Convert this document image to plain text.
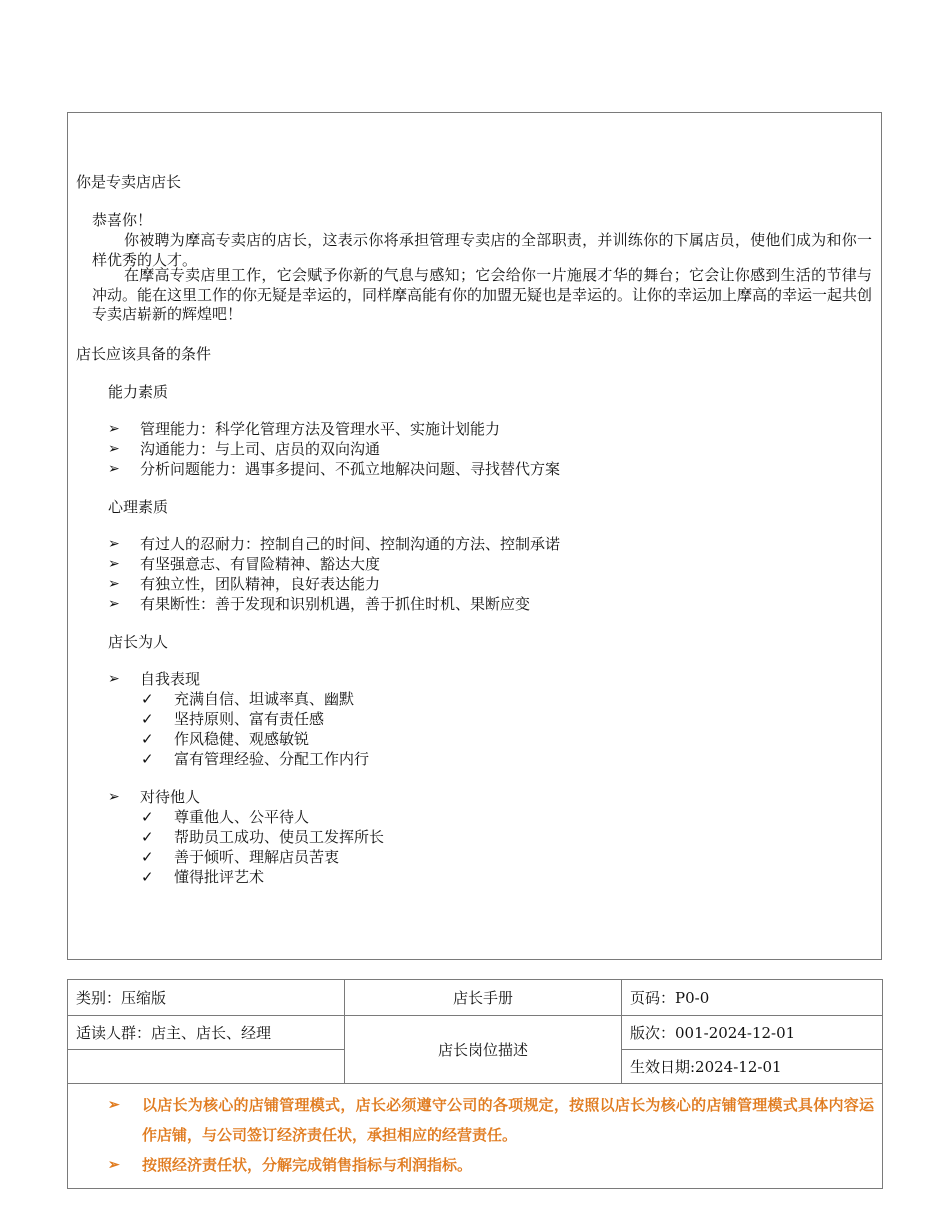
你是专卖店店长
恭喜你！
你被聘为摩高专卖店的店长，这表示你将承担管理专卖店的全部职责，并训练你的下属店员，使他们成为和你一样优秀的人才。
在摩高专卖店里工作，它会赋予你新的气息与感知；它会给你一片施展才华的舞台；它会让你感到生活的节律与冲动。能在这里工作的你无疑是幸运的，同样摩高能有你的加盟无疑也是幸运的。让你的幸运加上摩高的幸运一起共创专卖店崭新的辉煌吧！
店长应该具备的条件
能力素质
➢ 管理能力：科学化管理方法及管理水平、实施计划能力
➢ 沟通能力：与上司、店员的双向沟通
➢ 分析问题能力：遇事多提问、不孤立地解决问题、寻找替代方案
心理素质
➢ 有过人的忍耐力：控制自己的时间、控制沟通的方法、控制承诺
➢ 有坚强意志、有冒险精神、豁达大度
➢ 有独立性，团队精神，良好表达能力
➢ 有果断性：善于发现和识别机遇，善于抓住时机、果断应变
店长为人
➢ 自我表现
✓ 充满自信、坦诚率真、幽默
✓ 坚持原则、富有责任感
✓ 作风稳健、观感敏锐
✓ 富有管理经验、分配工作内行
➢ 对待他人
✓ 尊重他人、公平待人
✓ 帮助员工成功、使员工发挥所长
✓ 善于倾听、理解店员苦衷
✓ 懂得批评艺术
类别：压缩版	店长手册	页码：P0-0
适读人群：店主、店长、经理	店长岗位描述	版次：001-2024-12-01
		生效日期:2024-12-01

➢ 以店长为核心的店铺管理模式，店长必须遵守公司的各项规定，按照以店长为核心的店铺管理模式具体内容运作店铺，与公司签订经济责任状，承担相应的经营责任。
➢ 按照经济责任状，分解完成销售指标与利润指标。		
